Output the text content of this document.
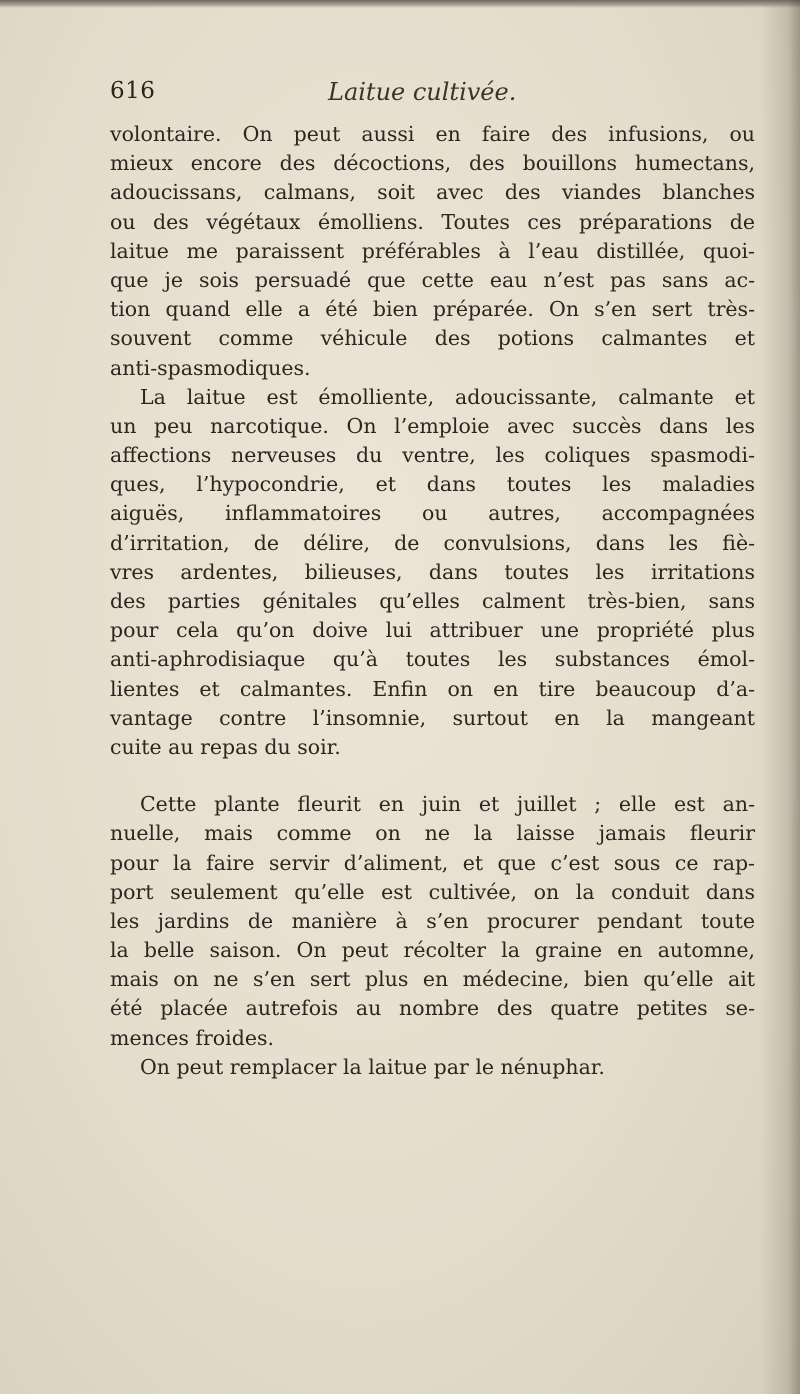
616	Laitue cultivée.
volontaire. On peut aussi en faire des infusions, ou
mieux encore des décoctions, des bouillons humectans,
adoucissans, calmans, soit avec des viandes blanches
ou des végétaux émolliens. Toutes ces préparations de
laitue me paraissent préférables à l’eau distillée, quoi-
que je sois persuadé que cette eau n’est pas sans ac-
tion quand elle a été bien préparée. On s’en sert très-
souvent comme véhicule des potions calmantes et
anti-spasmodiques.
La laitue est émolliente, adoucissante, calmante et
un peu narcotique. On l’emploie avec succès dans les
affections nerveuses du ventre, les coliques spasmodi-
ques, l’hypocondrie, et dans toutes les maladies
aiguës, inflammatoires ou autres, accompagnées
d’irritation, de délire, de convulsions, dans les fiè-
vres ardentes, bilieuses, dans toutes les irritations
des parties génitales qu’elles calment très-bien, sans
pour cela qu’on doive lui attribuer une propriété plus
anti-aphrodisiaque qu’à toutes les substances émol-
lientes et calmantes. Enfin on en tire beaucoup d’a-
vantage contre l’insomnie, surtout en la mangeant
cuite au repas du soir.
Cette plante fleurit en juin et juillet ; elle est an-
nuelle, mais comme on ne la laisse jamais fleurir
pour la faire servir d’aliment, et que c’est sous ce rap-
port seulement qu’elle est cultivée, on la conduit dans
les jardins de manière à s’en procurer pendant toute
la belle saison. On peut récolter la graine en automne,
mais on ne s’en sert plus en médecine, bien qu’elle ait
été placée autrefois au nombre des quatre petites se-
mences froides.
On peut remplacer la laitue par le nénuphar.
